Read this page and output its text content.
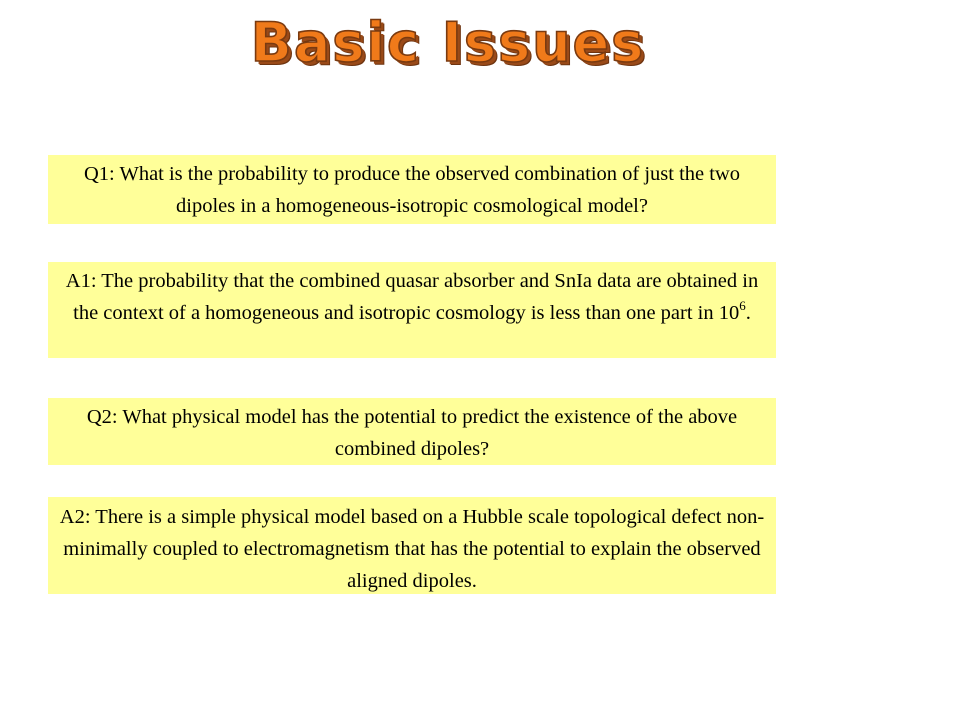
Basic Issues
Q1: What is the probability to produce the observed combination of just the two dipoles in a homogeneous-isotropic cosmological model?
A1: The probability that the combined quasar absorber and SnIa data are obtained in the context of a homogeneous and isotropic cosmology is less than one part in $10^6$.
Q2: What physical model has the potential to predict the existence of the above combined dipoles?
A2: There is a simple physical model based on a Hubble scale topological defect non-minimally coupled to electromagnetism that has the potential to explain the observed aligned dipoles.
